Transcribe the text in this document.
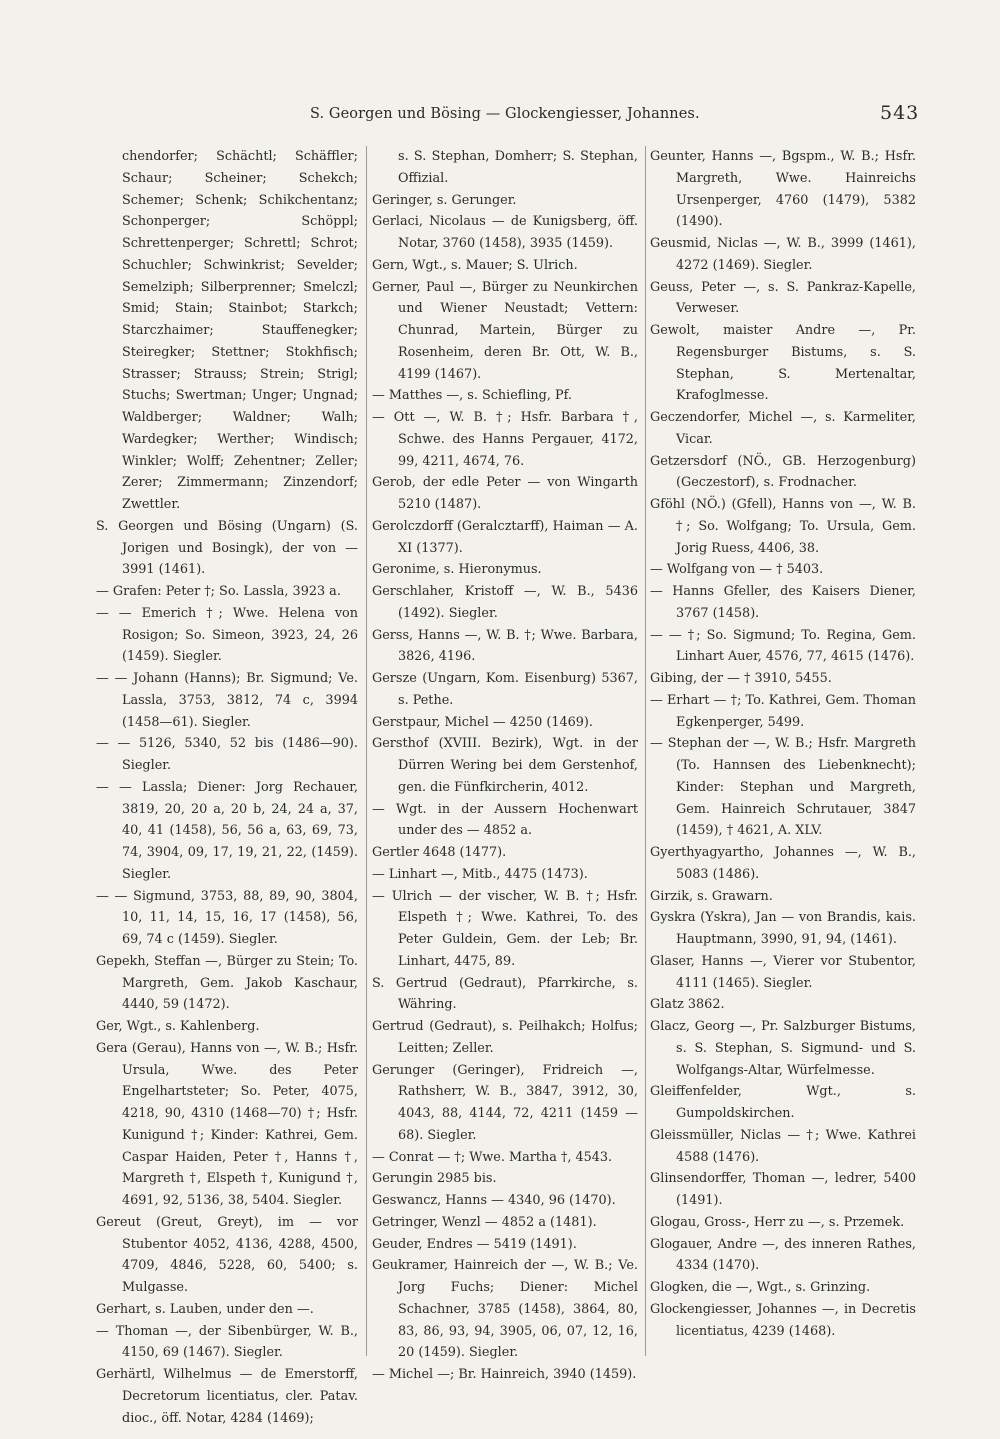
S. Georgen und Bösing — Glockengiesser, Johannes.	543

chendorfer; Schächtl; Schäffler; Schaur; Scheiner; Schekch; Schemer; Schenk; Schikchentanz; Schonperger; Schöppl; Schrettenperger; Schrettl; Schrot; Schuchler; Schwinkrist; Sevelder; Semelziph; Silberprenner; Smelczl; Smid; Stain; Stainbot; Starkch; Starczhaimer; Stauffenegker; Steiregker; Stettner; Stokhfisch; Strasser; Strauss; Strein; Strigl; Stuchs; Swertman; Unger; Ungnad; Waldberger; Waldner; Walh; Wardegker; Werther; Windisch; Winkler; Wolff; Zehentner; Zeller; Zerer; Zimmermann; Zinzendorf; Zwettler.

S. Georgen und Bösing (Ungarn) (S. Jorigen und Bosingk), der von — 3991 (1461).

— Grafen: Peter †; So. Lassla, 3923 a.

— — Emerich †; Wwe. Helena von Rosigon; So. Simeon, 3923, 24, 26 (1459). Siegler.

— — Johann (Hanns); Br. Sigmund; Ve. Lassla, 3753, 3812, 74 c, 3994 (1458—61). Siegler.

— — 5126, 5340, 52 bis (1486—90). Siegler.

— — Lassla; Diener: Jorg Rechauer, 3819, 20, 20 a, 20 b, 24, 24 a, 37, 40, 41 (1458), 56, 56 a, 63, 69, 73, 74, 3904, 09, 17, 19, 21, 22, (1459). Siegler.

— — Sigmund, 3753, 88, 89, 90, 3804, 10, 11, 14, 15, 16, 17 (1458), 56, 69, 74 c (1459). Siegler.

Gepekh, Steffan —, Bürger zu Stein; To. Margreth, Gem. Jakob Kaschaur, 4440, 59 (1472).

Ger, Wgt., s. Kahlenberg.

Gera (Gerau), Hanns von —, W. B.; Hsfr. Ursula, Wwe. des Peter Engelhartsteter; So. Peter, 4075, 4218, 90, 4310 (1468—70) †; Hsfr. Kunigund †; Kinder: Kathrei, Gem. Caspar Haiden, Peter †, Hanns †, Margreth †, Elspeth †, Kunigund †, 4691, 92, 5136, 38, 5404. Siegler.

Gereut (Greut, Greyt), im — vor Stubentor 4052, 4136, 4288, 4500, 4709, 4846, 5228, 60, 5400; s. Mulgasse.

Gerhart, s. Lauben, under den —.

— Thoman —, der Sibenbürger, W. B., 4150, 69 (1467). Siegler.

Gerhärtl, Wilhelmus — de Emerstorff, Decretorum licentiatus, cler. Patav. dioc., öff. Notar, 4284 (1469);

s. S. Stephan, Domherr; S. Stephan, Offizial.

Geringer, s. Gerunger.

Gerlaci, Nicolaus — de Kunigsberg, öff. Notar, 3760 (1458), 3935 (1459).

Gern, Wgt., s. Mauer; S. Ulrich.

Gerner, Paul —, Bürger zu Neunkirchen und Wiener Neustadt; Vettern: Chunrad, Martein, Bürger zu Rosenheim, deren Br. Ott, W. B., 4199 (1467).

— Matthes —, s. Schiefling, Pf.

— Ott —, W. B. †; Hsfr. Barbara †, Schwe. des Hanns Pergauer, 4172, 99, 4211, 4674, 76.

Gerob, der edle Peter — von Wingarth 5210 (1487).

Gerolczdorff (Geralcztarff), Haiman — A. XI (1377).

Geronime, s. Hieronymus.

Gerschlaher, Kristoff —, W. B., 5436 (1492). Siegler.

Gerss, Hanns —, W. B. †; Wwe. Barbara, 3826, 4196.

Gersze (Ungarn, Kom. Eisenburg) 5367, s. Pethe.

Gerstpaur, Michel — 4250 (1469).

Gersthof (XVIII. Bezirk), Wgt. in der Dürren Wering bei dem Gerstenhof, gen. die Fünfkircherin, 4012.

— Wgt. in der Aussern Hochenwart under des — 4852 a.

Gertler 4648 (1477).

— Linhart —, Mitb., 4475 (1473).

— Ulrich — der vischer, W. B. †; Hsfr. Elspeth †; Wwe. Kathrei, To. des Peter Guldein, Gem. der Leb; Br. Linhart, 4475, 89.

S. Gertrud (Gedraut), Pfarrkirche, s. Währing.

Gertrud (Gedraut), s. Peilhakch; Holfus; Leitten; Zeller.

Gerunger (Geringer), Fridreich —, Rathsherr, W. B., 3847, 3912, 30, 4043, 88, 4144, 72, 4211 (1459 —68). Siegler.

— Conrat — †; Wwe. Martha †, 4543.

Gerungin 2985 bis.

Geswancz, Hanns — 4340, 96 (1470).

Getringer, Wenzl — 4852 a (1481).

Geuder, Endres — 5419 (1491).

Geukramer, Hainreich der —, W. B.; Ve. Jorg Fuchs; Diener: Michel Schachner, 3785 (1458), 3864, 80, 83, 86, 93, 94, 3905, 06, 07, 12, 16, 20 (1459). Siegler.

— Michel —; Br. Hainreich, 3940 (1459).

Geunter, Hanns —, Bgspm., W. B.; Hsfr. Margreth, Wwe. Hainreichs Ursenperger, 4760 (1479), 5382 (1490).

Geusmid, Niclas —, W. B., 3999 (1461), 4272 (1469). Siegler.

Geuss, Peter —, s. S. Pankraz-Kapelle, Verweser.

Gewolt, maister Andre —, Pr. Regensburger Bistums, s. S. Stephan, S. Mertenaltar, Krafoglmesse.

Geczendorfer, Michel —, s. Karmeliter, Vicar.

Getzersdorf (NÖ., GB. Herzogenburg) (Geczestorf), s. Frodnacher.

Gföhl (NÖ.) (Gfell), Hanns von —, W. B. †; So. Wolfgang; To. Ursula, Gem. Jorig Ruess, 4406, 38.

— Wolfgang von — † 5403.

— Hanns Gfeller, des Kaisers Diener, 3767 (1458).

— — †; So. Sigmund; To. Regina, Gem. Linhart Auer, 4576, 77, 4615 (1476).

Gibing, der — † 3910, 5455.

— Erhart — †; To. Kathrei, Gem. Thoman Egkenperger, 5499.

— Stephan der —, W. B.; Hsfr. Margreth (To. Hannsen des Liebenknecht); Kinder: Stephan und Margreth, Gem. Hainreich Schrutauer, 3847 (1459), † 4621, A. XLV.

Gyerthyagyartho, Johannes —, W. B., 5083 (1486).

Girzik, s. Grawarn.

Gyskra (Yskra), Jan — von Brandis, kais. Hauptmann, 3990, 91, 94, (1461).

Glaser, Hanns —, Vierer vor Stubentor, 4111 (1465). Siegler.

Glatz 3862.

Glacz, Georg —, Pr. Salzburger Bistums, s. S. Stephan, S. Sigmund- und S. Wolfgangs-Altar, Würfelmesse.

Gleiffenfelder, Wgt., s. Gumpoldskirchen.

Gleissmüller, Niclas — †; Wwe. Kathrei 4588 (1476).

Glinsendorffer, Thoman —, ledrer, 5400 (1491).

Glogau, Gross-, Herr zu —, s. Przemek.

Glogauer, Andre —, des inneren Rathes, 4334 (1470).

Glogken, die —, Wgt., s. Grinzing.

Glockengiesser, Johannes —, in Decretis licentiatus, 4239 (1468).
